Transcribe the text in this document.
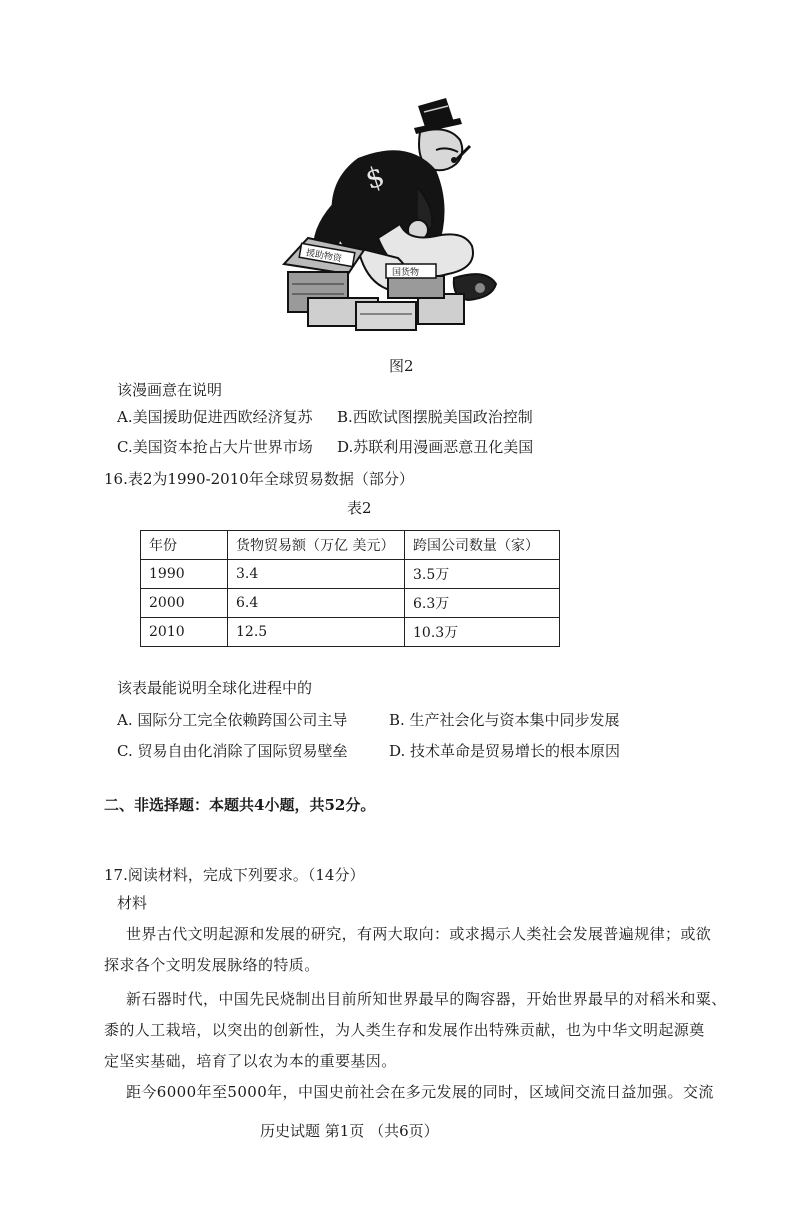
$
援助物资
国货物
图2
该漫画意在说明
A.美国援助促进西欧经济复苏 B.西欧试图摆脱美国政治控制
C.美国资本抢占大片世界市场 D.苏联利用漫画恶意丑化美国
16.表2为1990-2010年全球贸易数据（部分）
表2
年份	货物贸易额（万亿 美元）	跨国公司数量（家）
1990	3.4	3.5万
2000	6.4	6.3万
2010	12.5	10.3万
该表最能说明全球化进程中的
A. 国际分工完全依赖跨国公司主导	B. 生产社会化与资本集中同步发展
C. 贸易自由化消除了国际贸易壁垒	D. 技术革命是贸易增长的根本原因
二、非选择题：本题共4小题，共52分。
17.阅读材料，完成下列要求。（14分）
材料
世界古代文明起源和发展的研究，有两大取向：或求揭示人类社会发展普遍规律；或欲
探求各个文明发展脉络的特质。
新石器时代，中国先民烧制出目前所知世界最早的陶容器，开始世界最早的对稻米和粟、
黍的人工栽培，以突出的创新性，为人类生存和发展作出特殊贡献，也为中华文明起源奠
定坚实基础，培育了以农为本的重要基因。
距今6000年至5000年，中国史前社会在多元发展的同时，区域间交流日益加强。交流
历史试题 第1页 （共6页）
